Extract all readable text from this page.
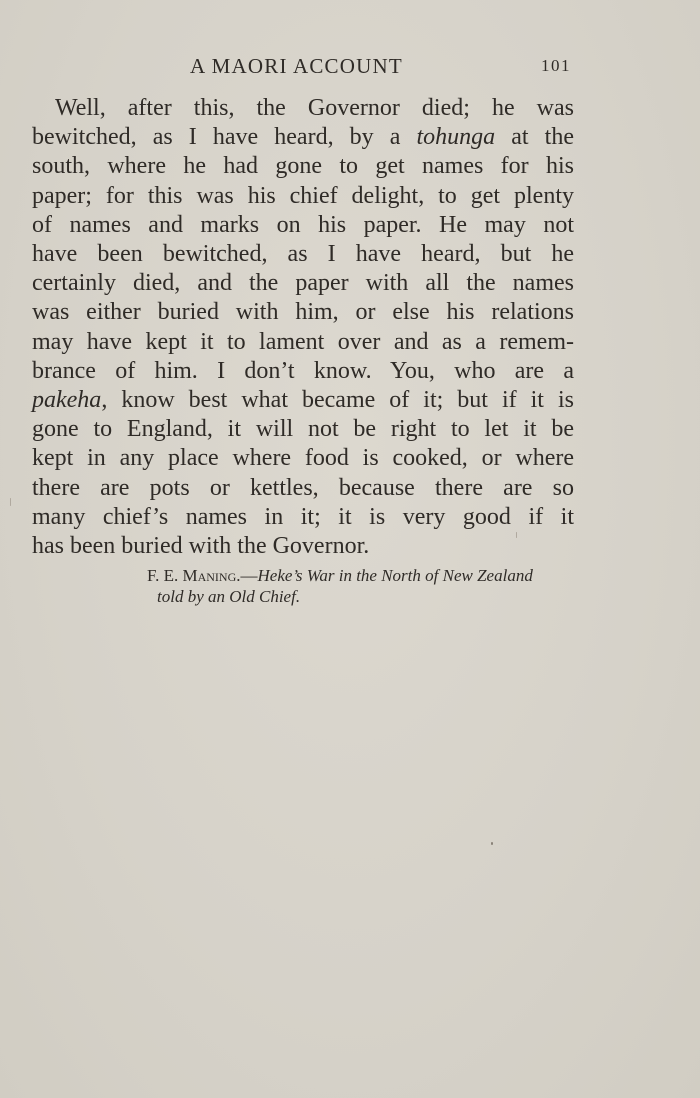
A MAORI ACCOUNT	101
Well, after this, the Governor died; he was
bewitched, as I have heard, by a tohunga at the
south, where he had gone to get names for his
paper; for this was his chief delight, to get plenty
of names and marks on his paper. He may not
have been bewitched, as I have heard, but he
certainly died, and the paper with all the names
was either buried with him, or else his relations
may have kept it to lament over and as a remem-
brance of him. I don’t know. You, who are a
pakeha, know best what became of it; but if it is
gone to England, it will not be right to let it be
kept in any place where food is cooked, or where
there are pots or kettles, because there are so
many chief’s names in it; it is very good if it
has been buried with the Governor.
F. E. Maning.—Heke’s War in the North of New Zealand
told by an Old Chief.
